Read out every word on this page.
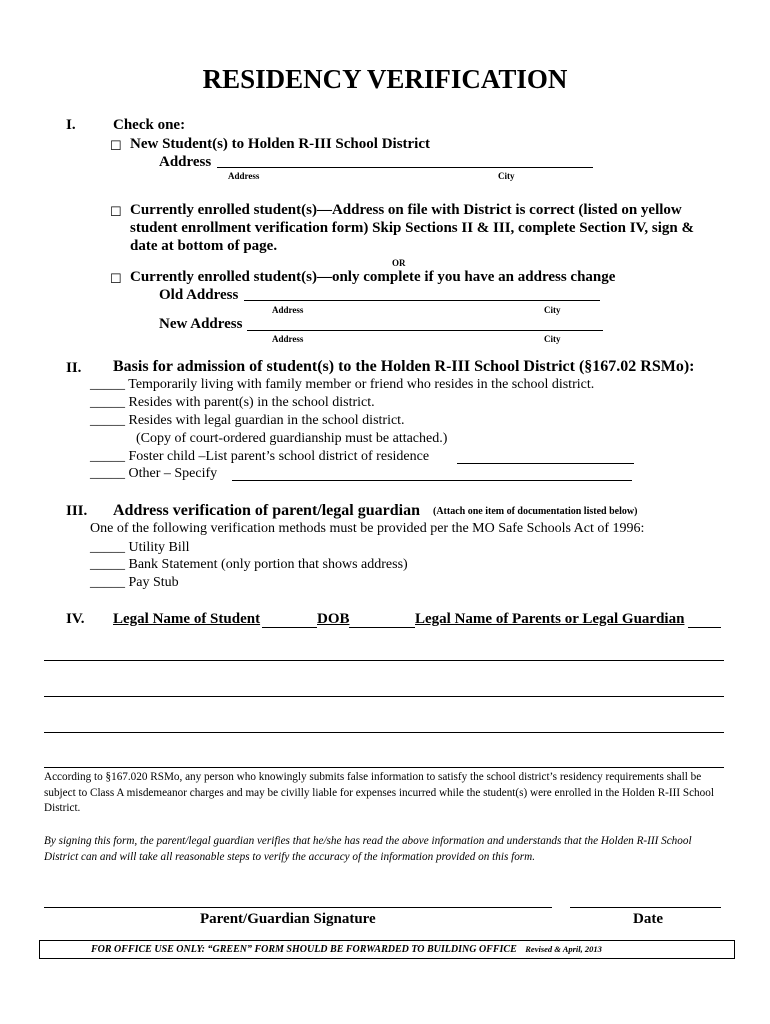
RESIDENCY VERIFICATION
I. Check one:
☐ New Student(s) to Holden R-III School District
Address
Address	City
☐ Currently enrolled student(s)—Address on file with District is correct (listed on yellow
student enrollment verification form) Skip Sections II & III, complete Section IV, sign &
date at bottom of page.
OR
☐ Currently enrolled student(s)—only complete if you have an address change
Old Address
Address	City
New Address
Address	City
II. Basis for admission of student(s) to the Holden R-III School District (§167.02 RSMo):
_____ Temporarily living with family member or friend who resides in the school district.
_____ Resides with parent(s) in the school district.
_____ Resides with legal guardian in the school district.
(Copy of court-ordered guardianship must be attached.)
_____ Foster child –List parent’s school district of residence
_____ Other – Specify
III. Address verification of parent/legal guardian (Attach one item of documentation listed below)
One of the following verification methods must be provided per the MO Safe Schools Act of 1996:
_____ Utility Bill
_____ Bank Statement (only portion that shows address)
_____ Pay Stub
IV. Legal Name of Student	DOB	Legal Name of Parents or Legal Guardian
According to §167.020 RSMo, any person who knowingly submits false information to satisfy the school district’s residency requirements shall be subject to Class A misdemeanor charges and may be civilly liable for expenses incurred while the student(s) were enrolled in the Holden R-III School District.
By signing this form, the parent/legal guardian verifies that he/she has read the above information and understands that the Holden R-III School District can and will take all reasonable steps to verify the accuracy of the information provided on this form.
Parent/Guardian Signature	Date
FOR OFFICE USE ONLY: “GREEN” FORM SHOULD BE FORWARDED TO BUILDING OFFICE Revised & April, 2013
